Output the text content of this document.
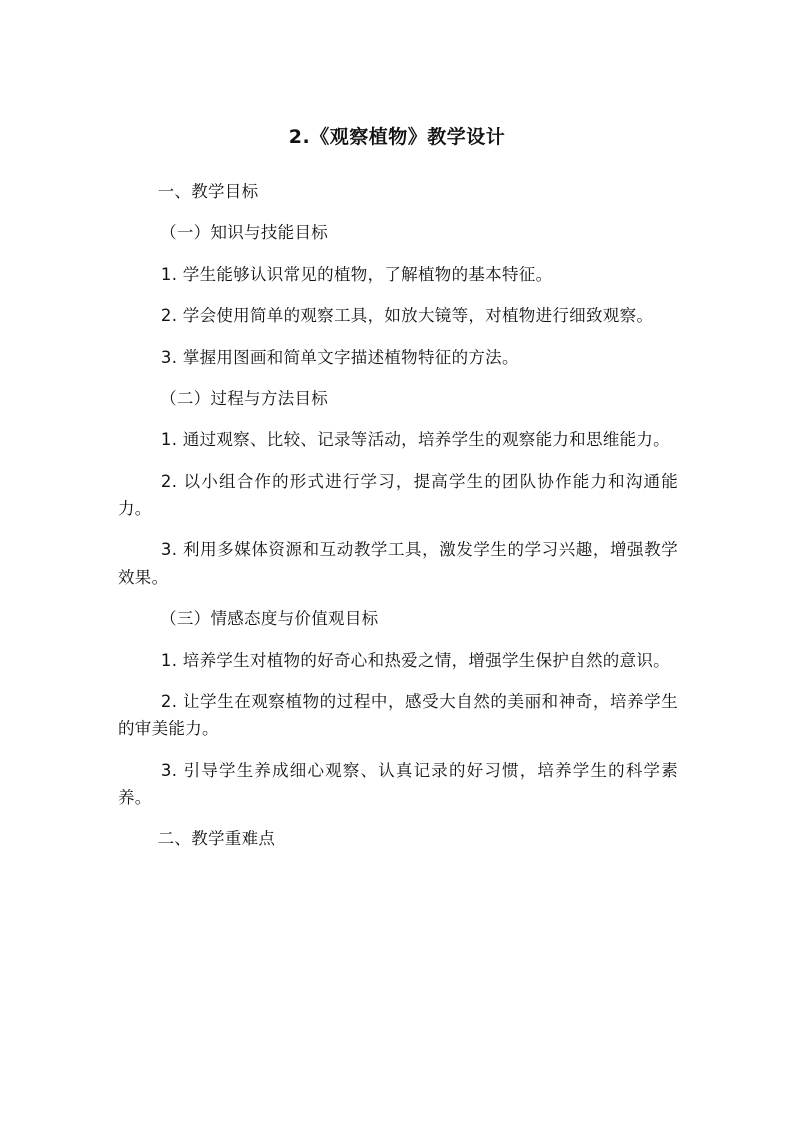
2.《观察植物》教学设计

一、教学目标

（一）知识与技能目标

1. 学生能够认识常见的植物，了解植物的基本特征。

2. 学会使用简单的观察工具，如放大镜等，对植物进行细致观察。

3. 掌握用图画和简单文字描述植物特征的方法。

（二）过程与方法目标

1. 通过观察、比较、记录等活动，培养学生的观察能力和思维能力。

2. 以小组合作的形式进行学习，提高学生的团队协作能力和沟通能力。

3. 利用多媒体资源和互动教学工具，激发学生的学习兴趣，增强教学效果。

（三）情感态度与价值观目标

1. 培养学生对植物的好奇心和热爱之情，增强学生保护自然的意识。

2. 让学生在观察植物的过程中，感受大自然的美丽和神奇，培养学生的审美能力。

3. 引导学生养成细心观察、认真记录的好习惯，培养学生的科学素养。

二、教学重难点
